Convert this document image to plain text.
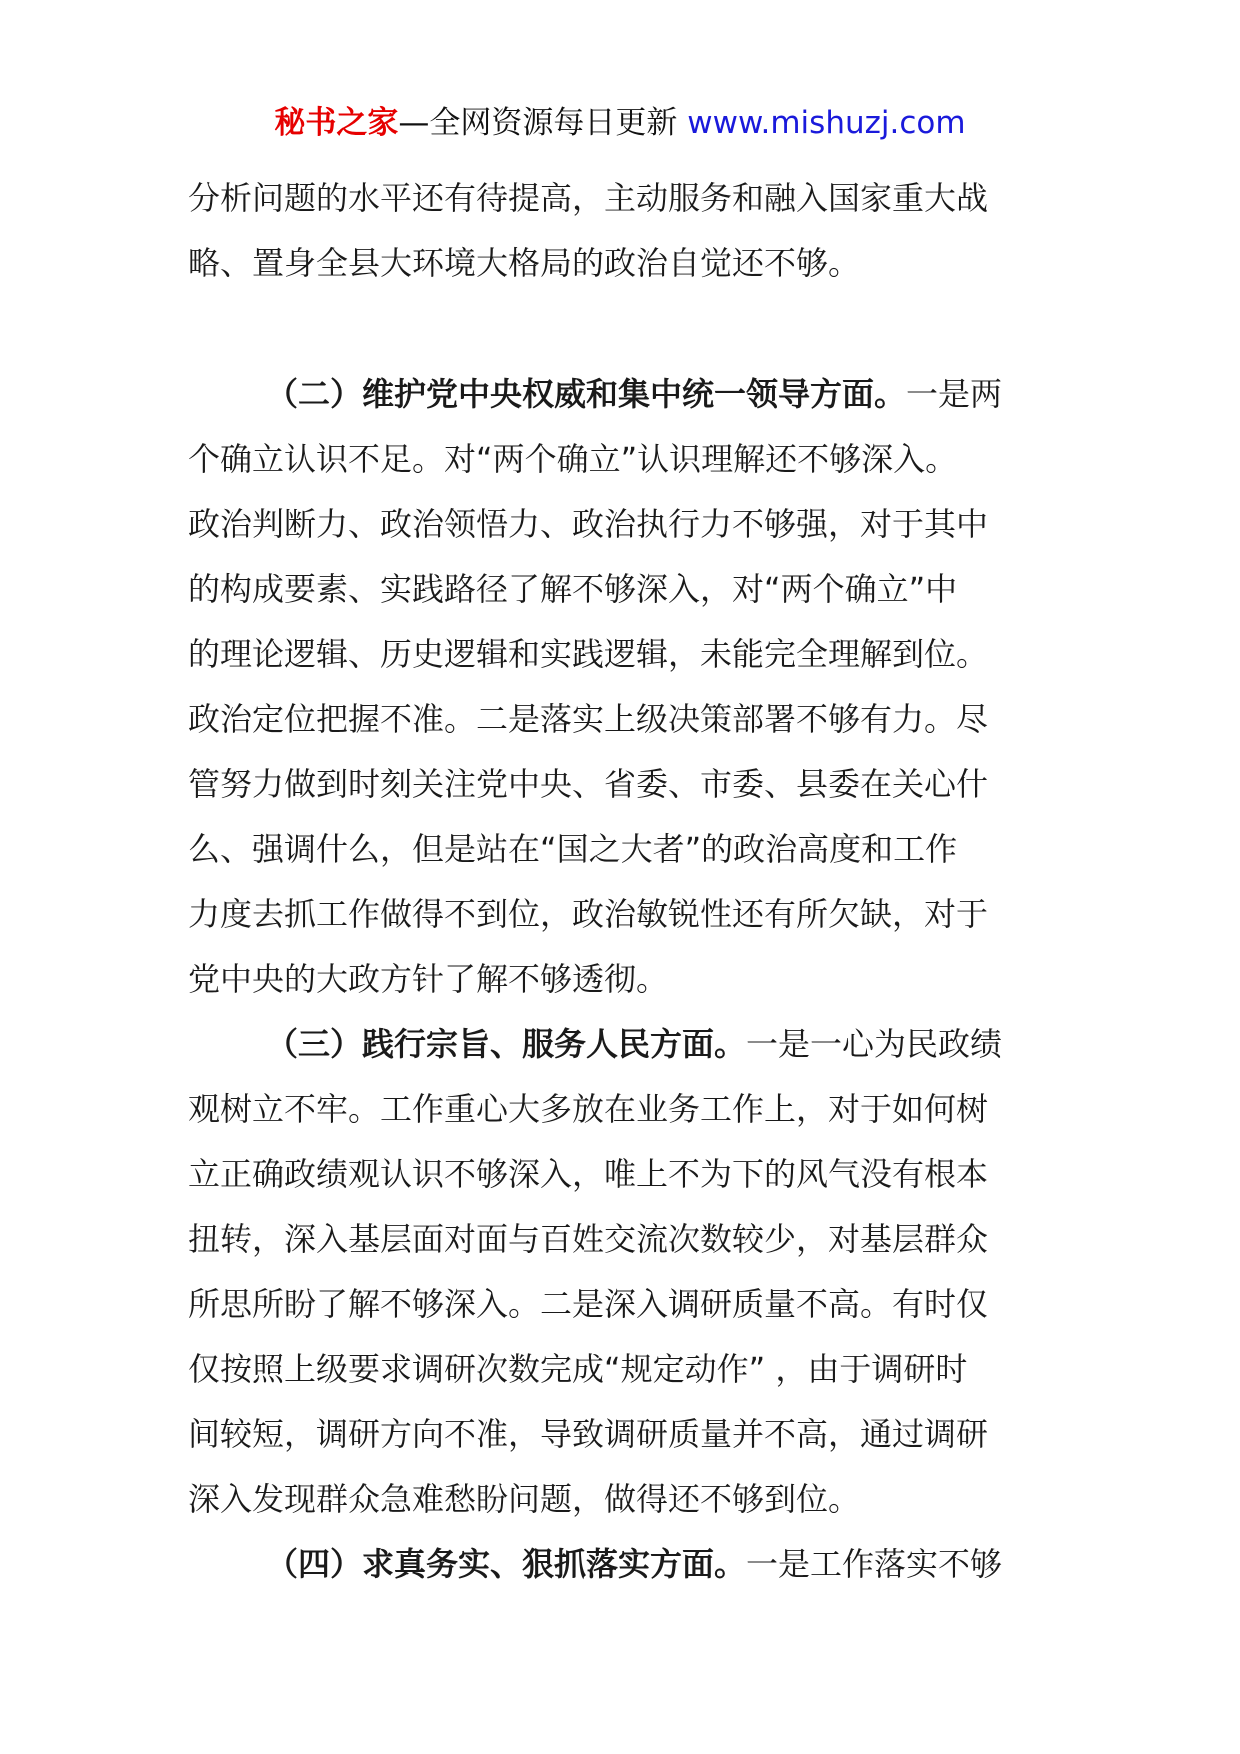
秘书之家—全网资源每日更新 www.mishuzj.com
分析问题的水平还有待提高，主动服务和融入国家重大战
略、置身全县大环境大格局的政治自觉还不够。
（二）维护党中央权威和集中统一领导方面。一是两
个确立认识不足。对“两个确立”认识理解还不够深入。
政治判断力、政治领悟力、政治执行力不够强，对于其中
的构成要素、实践路径了解不够深入，对“两个确立”中
的理论逻辑、历史逻辑和实践逻辑，未能完全理解到位。
政治定位把握不准。二是落实上级决策部署不够有力。尽
管努力做到时刻关注党中央、省委、市委、县委在关心什
么、强调什么，但是站在“国之大者”的政治高度和工作
力度去抓工作做得不到位，政治敏锐性还有所欠缺，对于
党中央的大政方针了解不够透彻。
（三）践行宗旨、服务人民方面。一是一心为民政绩
观树立不牢。工作重心大多放在业务工作上，对于如何树
立正确政绩观认识不够深入，唯上不为下的风气没有根本
扭转，深入基层面对面与百姓交流次数较少，对基层群众
所思所盼了解不够深入。二是深入调研质量不高。有时仅
仅按照上级要求调研次数完成“规定动作” ，由于调研时
间较短，调研方向不准，导致调研质量并不高，通过调研
深入发现群众急难愁盼问题，做得还不够到位。
（四）求真务实、狠抓落实方面。一是工作落实不够
